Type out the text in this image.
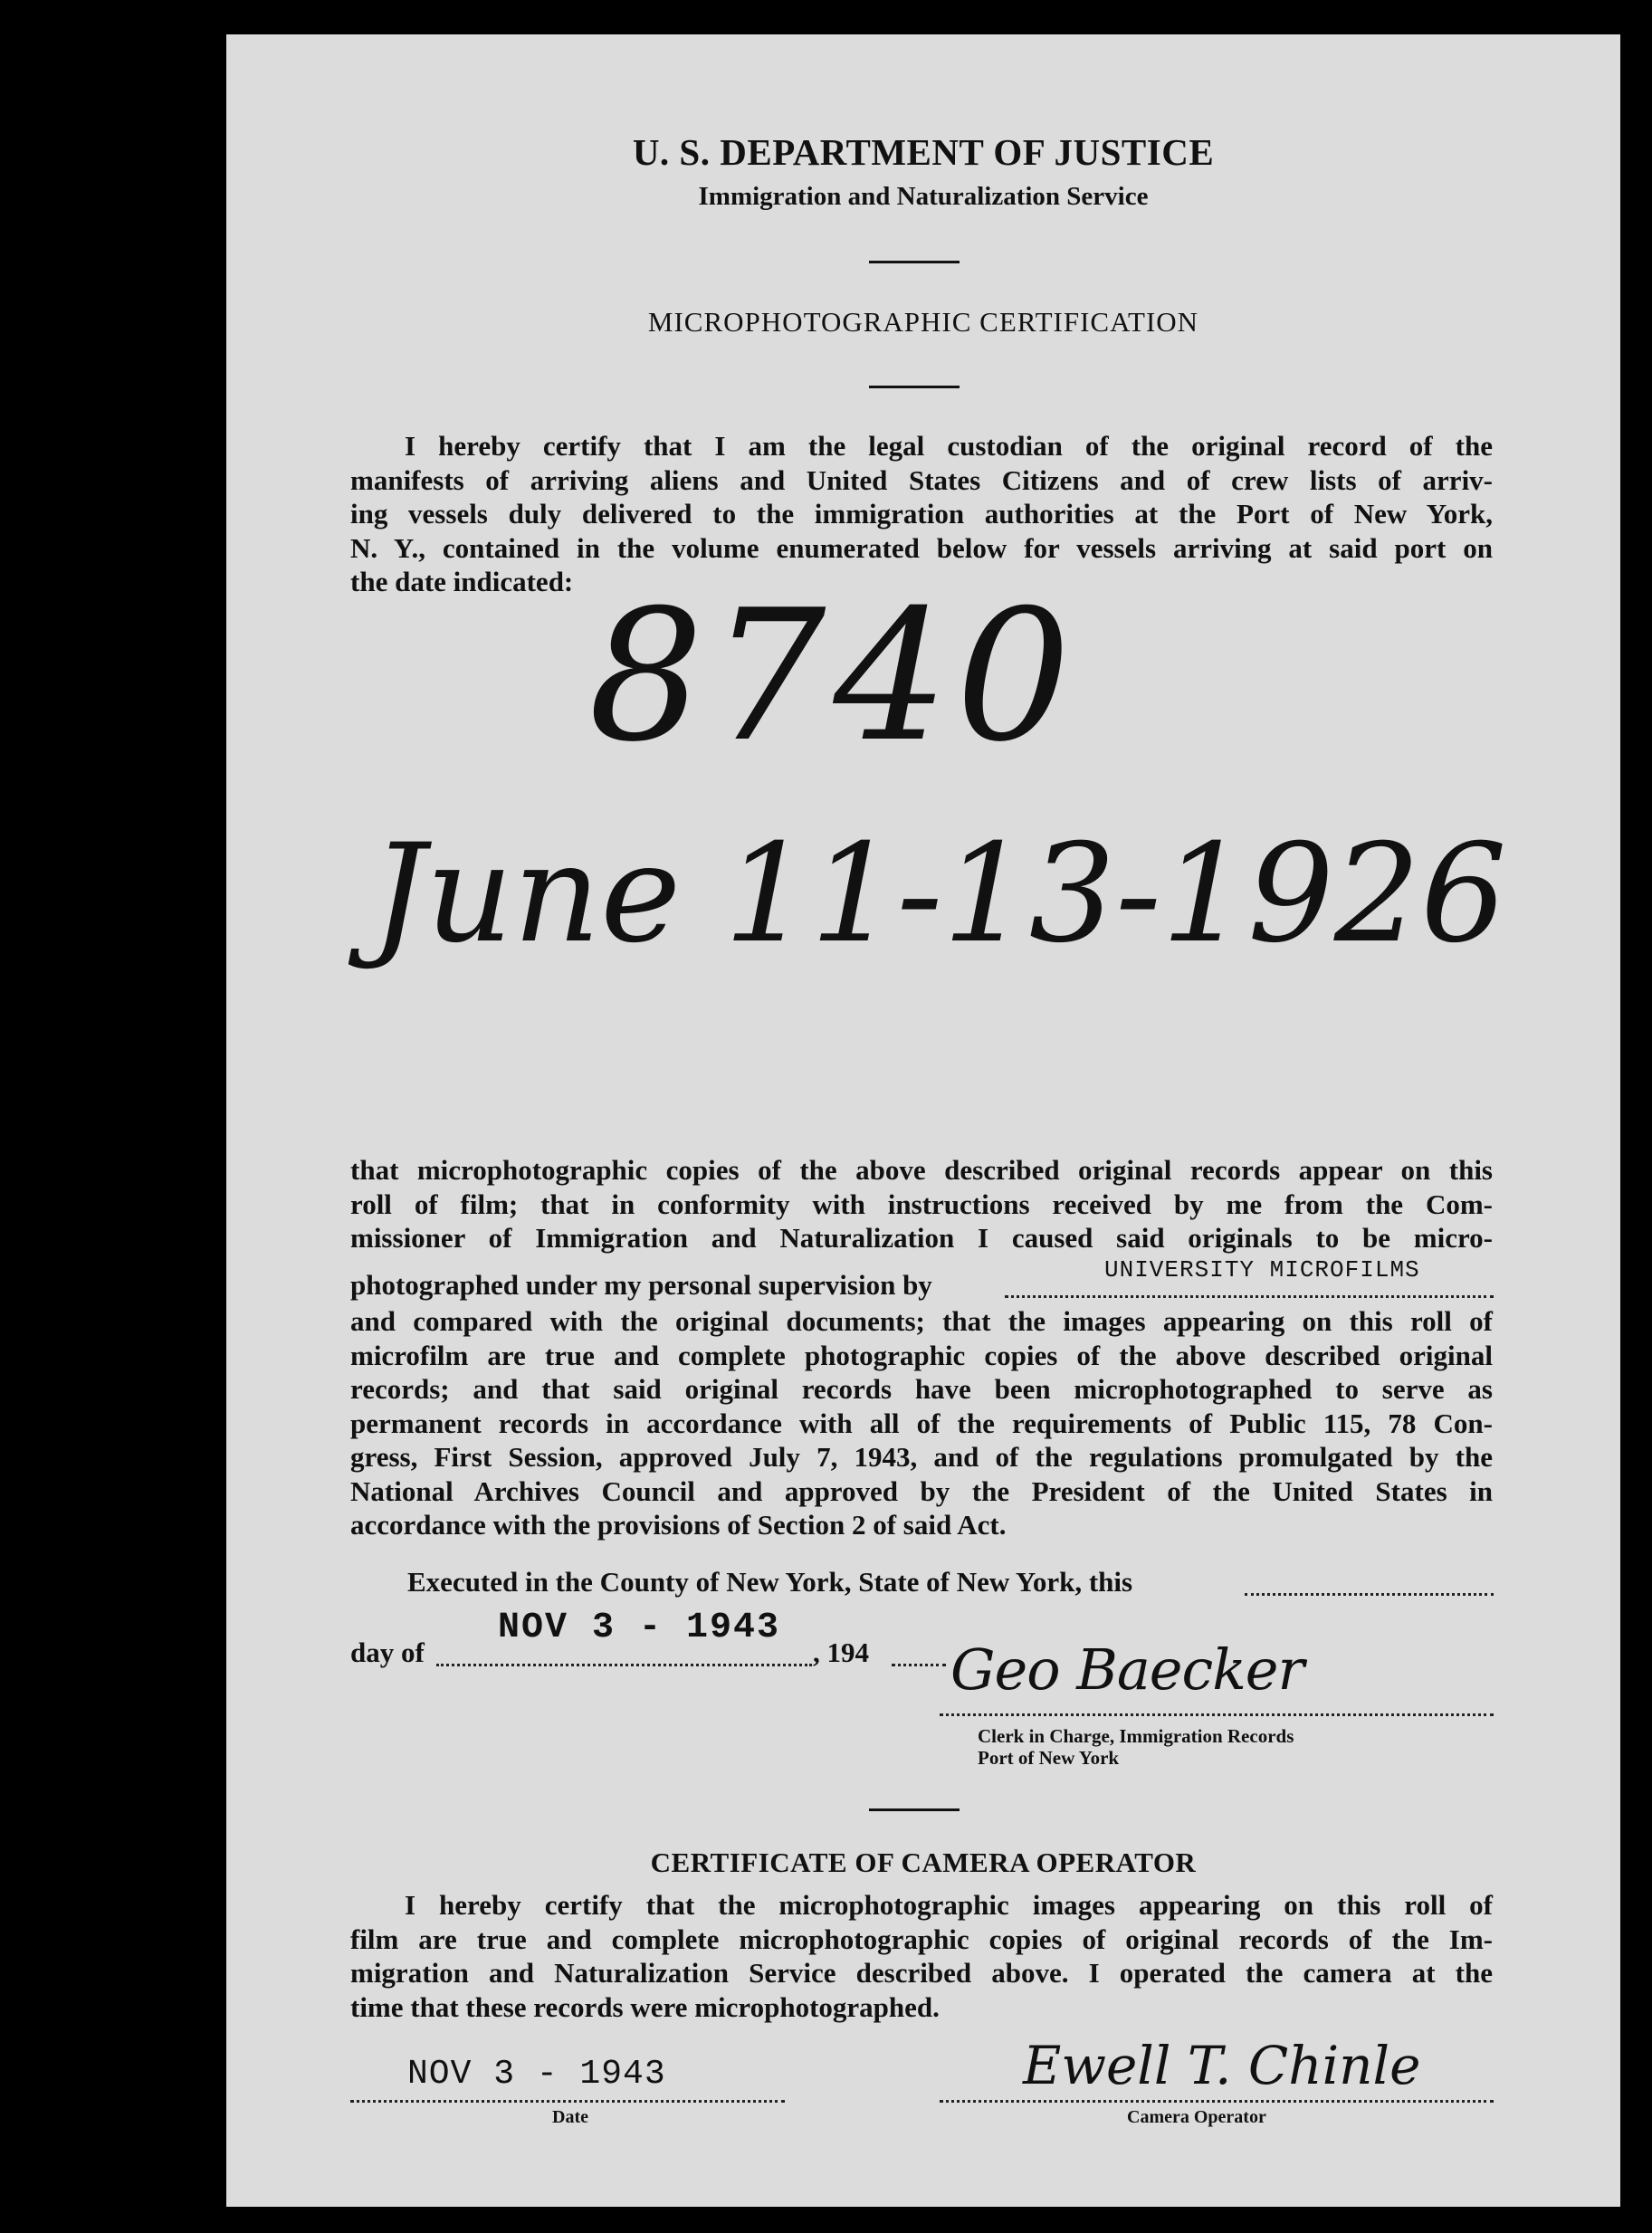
U. S. DEPARTMENT OF JUSTICE
Immigration and Naturalization Service
MICROPHOTOGRAPHIC CERTIFICATION
I hereby certify that I am the legal custodian of the original record of the
manifests of arriving aliens and United States Citizens and of crew lists of arriv-
ing vessels duly delivered to the immigration authorities at the Port of New York,
N. Y., contained in the volume enumerated below for vessels arriving at said port on
the date indicated: 8740
June 11-13-1926
that microphotographic copies of the above described original records appear on this
roll of film; that in conformity with instructions received by me from the Com-
missioner of Immigration and Naturalization I caused said originals to be micro-
photographed under my personal supervision by	UNIVERSITY MICROFILMS
and compared with the original documents; that the images appearing on this roll of
microfilm are true and complete photographic copies of the above described original
records; and that said original records have been microphotographed to serve as
permanent records in accordance with all of the requirements of Public 115, 78 Con-
gress, First Session, approved July 7, 1943, and of the regulations promulgated by the
National Archives Council and approved by the President of the United States in
accordance with the provisions of Section 2 of said Act.
Executed in the County of New York, State of New York, this
day of
NOV 3 - 1943
, 194 Geo Baecker
Clerk in Charge, Immigration Records
Port of New York
CERTIFICATE OF CAMERA OPERATOR
I hereby certify that the microphotographic images appearing on this roll of
film are true and complete microphotographic copies of original records of the Im-
migration and Naturalization Service described above. I operated the camera at the
time that these records were microphotographed.
NOV 3 - 1943
Date
Ewell T. Chinle
Camera Operator
